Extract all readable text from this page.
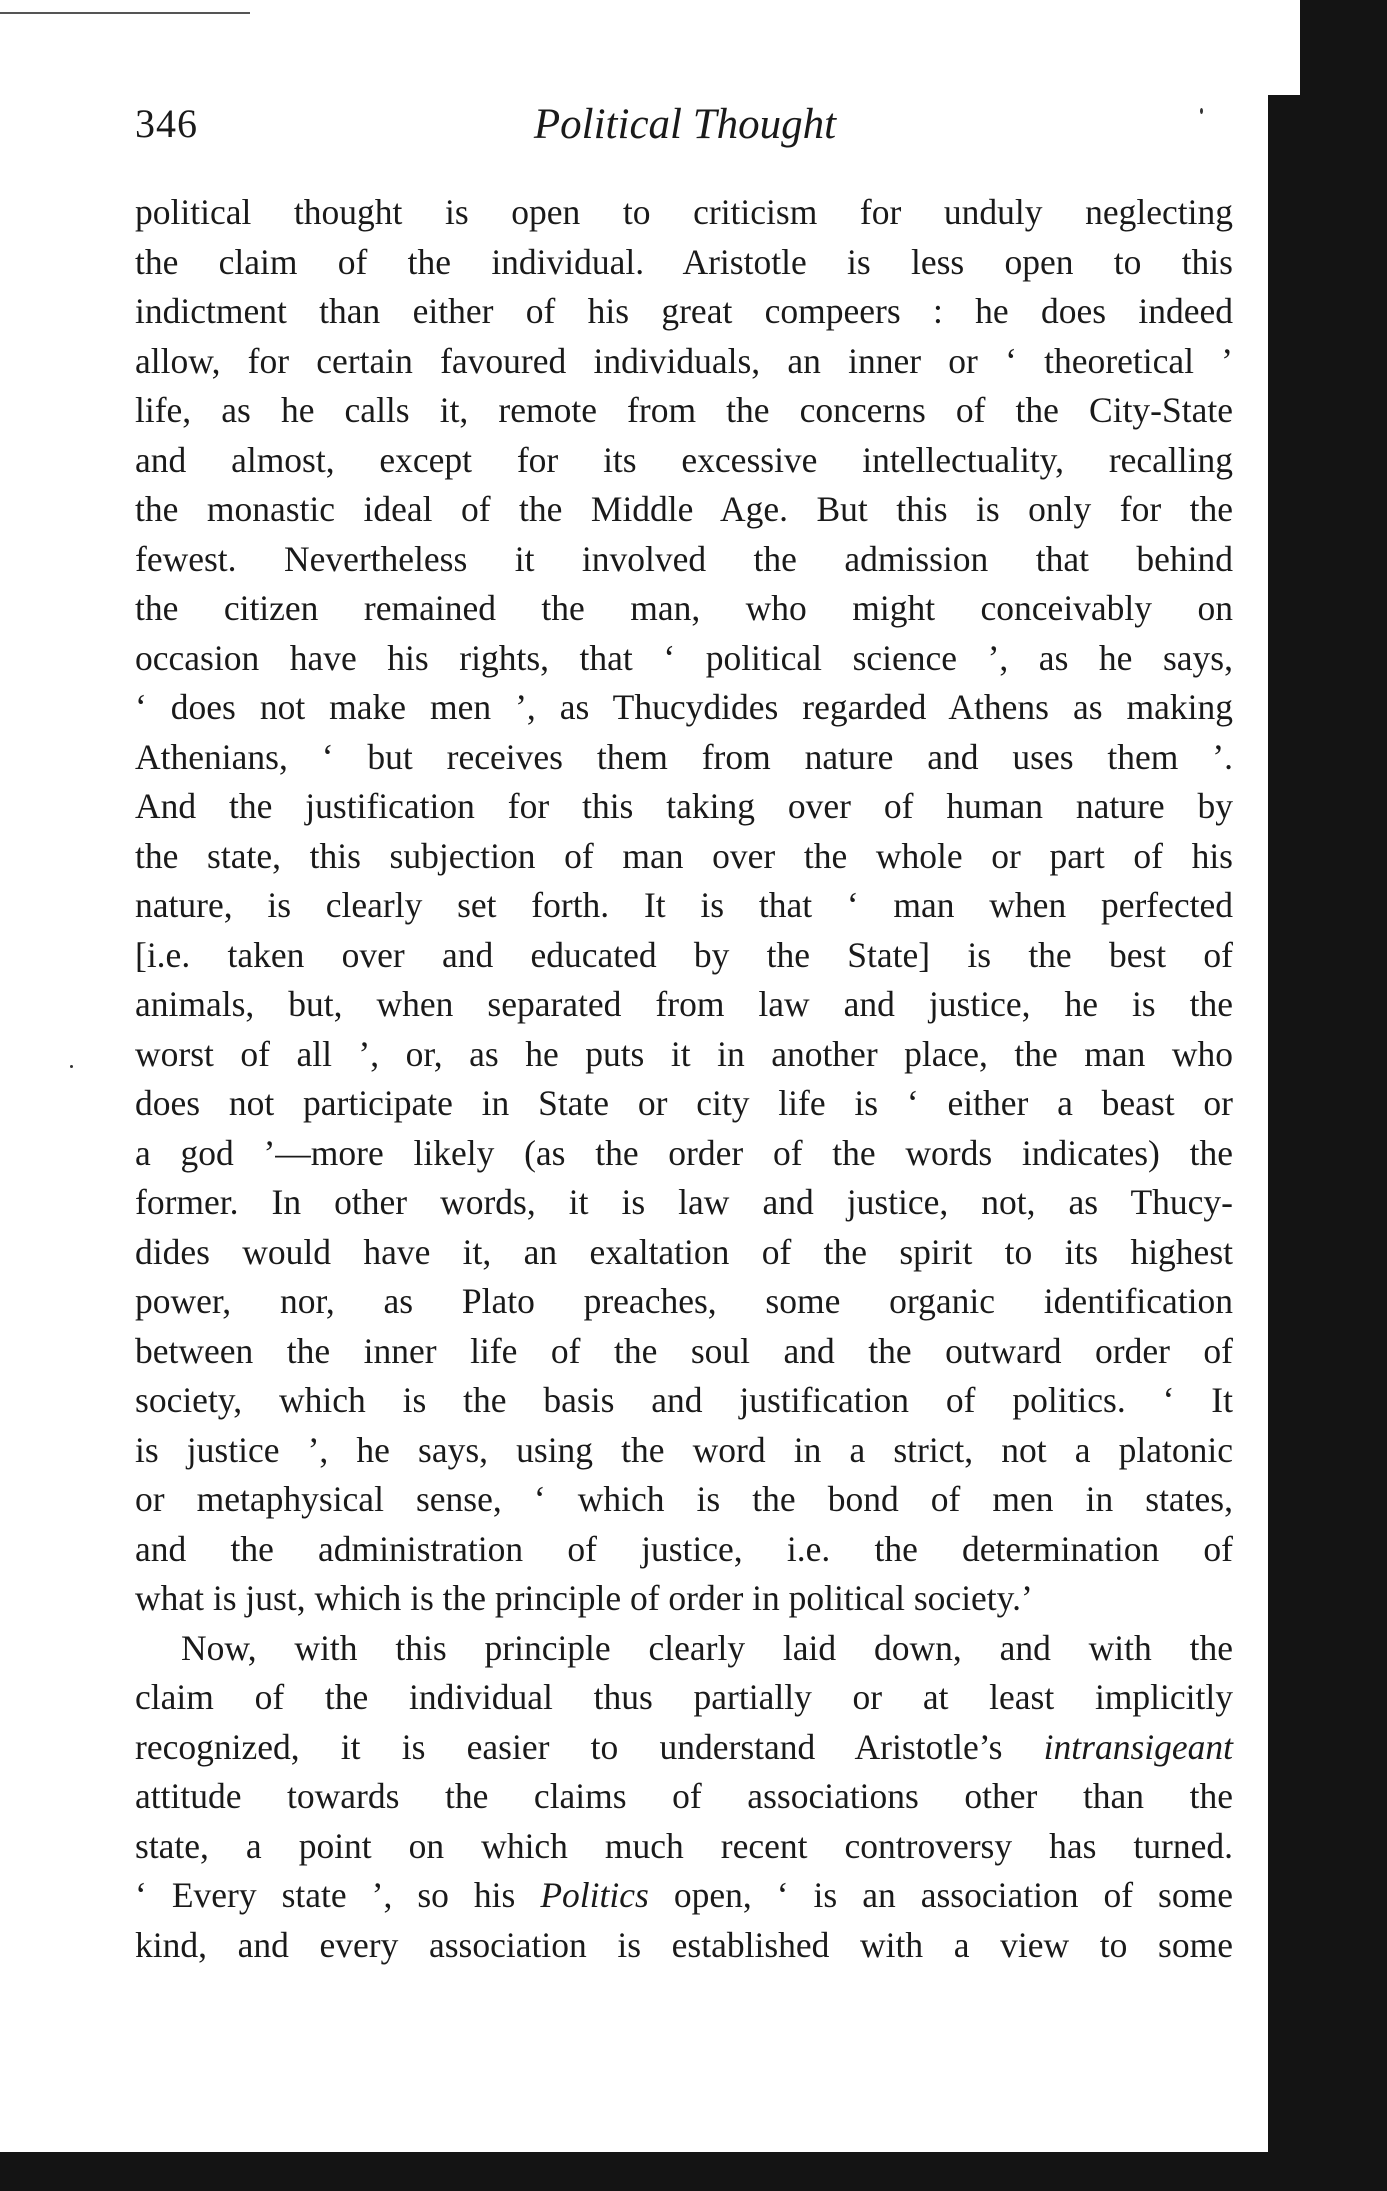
346	Political Thought
political thought is open to criticism for unduly neglecting
the claim of the individual. Aristotle is less open to this
indictment than either of his great compeers : he does indeed
allow, for certain favoured individuals, an inner or ‘ theoretical ’
life, as he calls it, remote from the concerns of the City-State
and almost, except for its excessive intellectuality, recalling
the monastic ideal of the Middle Age. But this is only for the
fewest. Nevertheless it involved the admission that behind
the citizen remained the man, who might conceivably on
occasion have his rights, that ‘ political science ’, as he says,
‘ does not make men ’, as Thucydides regarded Athens as making
Athenians, ‘ but receives them from nature and uses them ’.
And the justification for this taking over of human nature by
the state, this subjection of man over the whole or part of his
nature, is clearly set forth. It is that ‘ man when perfected
[i.e. taken over and educated by the State] is the best of
animals, but, when separated from law and justice, he is the
worst of all ’, or, as he puts it in another place, the man who
does not participate in State or city life is ‘ either a beast or
a god ’—more likely (as the order of the words indicates) the
former. In other words, it is law and justice, not, as Thucy-
dides would have it, an exaltation of the spirit to its highest
power, nor, as Plato preaches, some organic identification
between the inner life of the soul and the outward order of
society, which is the basis and justification of politics. ‘ It
is justice ’, he says, using the word in a strict, not a platonic
or metaphysical sense, ‘ which is the bond of men in states,
and the administration of justice, i.e. the determination of
what is just, which is the principle of order in political society.’
Now, with this principle clearly laid down, and with the
claim of the individual thus partially or at least implicitly
recognized, it is easier to understand Aristotle’s intransigeant
attitude towards the claims of associations other than the
state, a point on which much recent controversy has turned.
‘ Every state ’, so his Politics open, ‘ is an association of some
kind, and every association is established with a view to some
